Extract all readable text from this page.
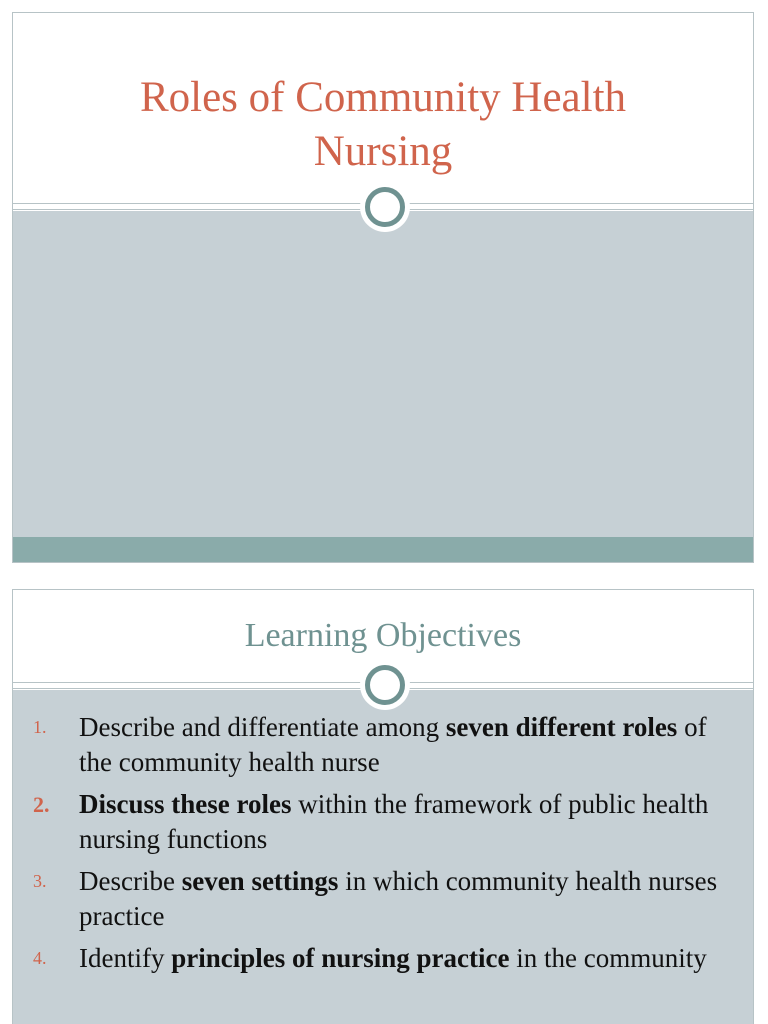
Roles of Community Health Nursing
Learning Objectives
1.	Describe and differentiate among seven different roles of the community health nurse
2.	Discuss these roles within the framework of public health nursing functions
3.	Describe seven settings in which community health nurses practice
4.	Identify principles of nursing practice in the community
